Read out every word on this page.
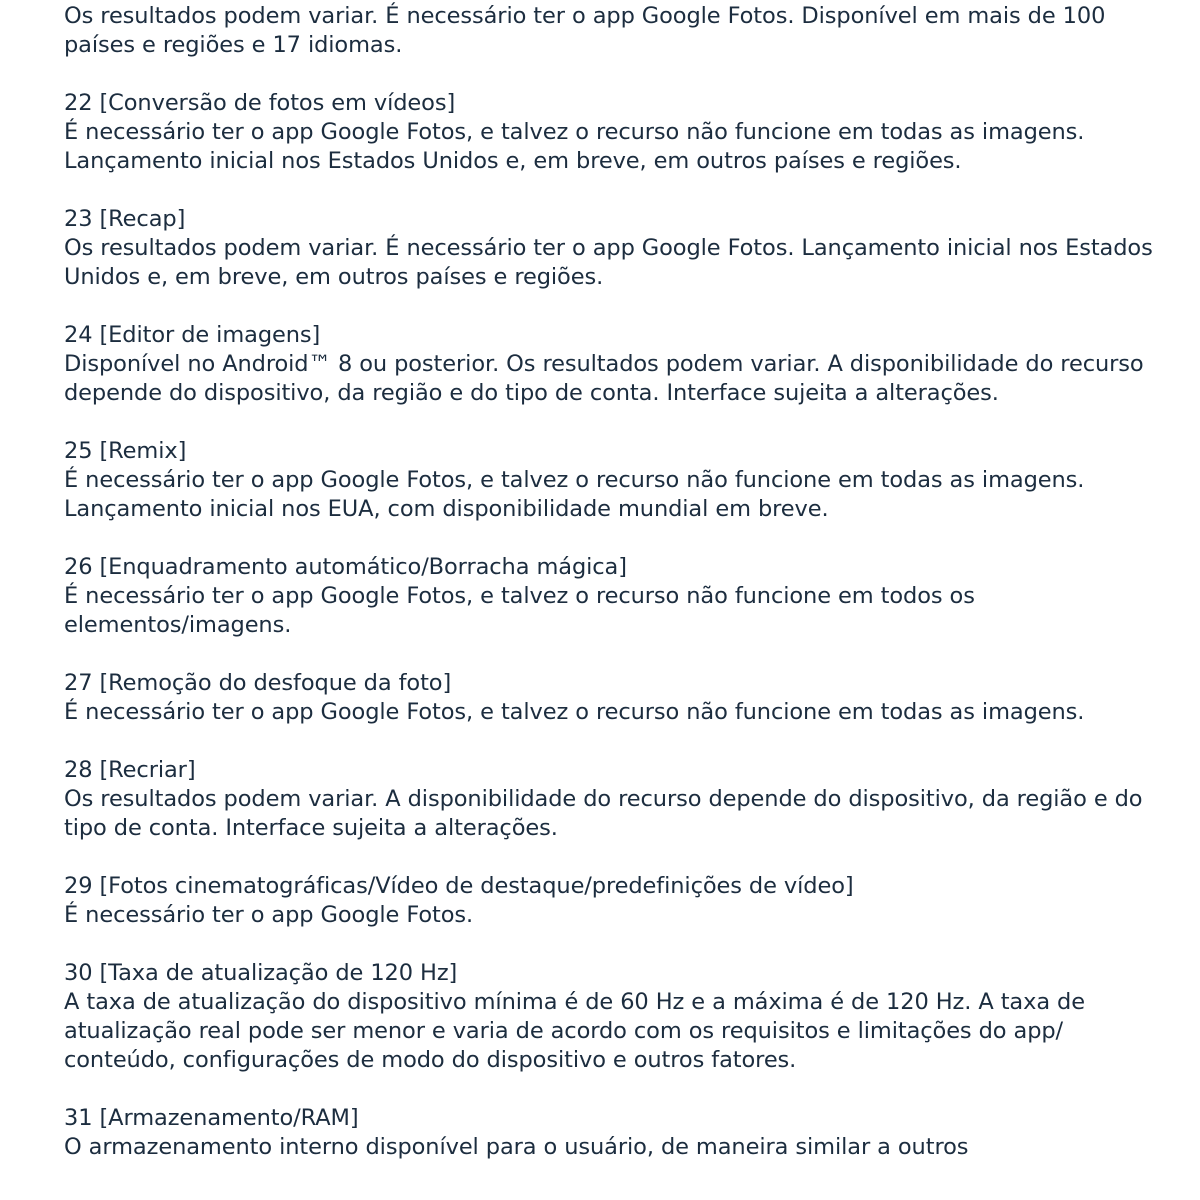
Os resultados podem variar. É necessário ter o app Google Fotos. Disponível em mais de 100 países e regiões e 17 idiomas.
22 [Conversão de fotos em vídeos]
É necessário ter o app Google Fotos, e talvez o recurso não funcione em todas as imagens. Lançamento inicial nos Estados Unidos e, em breve, em outros países e regiões.
23 [Recap]
Os resultados podem variar. É necessário ter o app Google Fotos. Lançamento inicial nos Estados Unidos e, em breve, em outros países e regiões.
24 [Editor de imagens]
Disponível no Android™ 8 ou posterior. Os resultados podem variar. A disponibilidade do recurso depende do dispositivo, da região e do tipo de conta. Interface sujeita a alterações.
25 [Remix]
É necessário ter o app Google Fotos, e talvez o recurso não funcione em todas as imagens. Lançamento inicial nos EUA, com disponibilidade mundial em breve.
26 [Enquadramento automático/Borracha mágica]
É necessário ter o app Google Fotos, e talvez o recurso não funcione em todos os elementos/imagens.
27 [Remoção do desfoque da foto]
É necessário ter o app Google Fotos, e talvez o recurso não funcione em todas as imagens.
28 [Recriar]
Os resultados podem variar. A disponibilidade do recurso depende do dispositivo, da região e do tipo de conta. Interface sujeita a alterações.
29 [Fotos cinematográficas/Vídeo de destaque/predefinições de vídeo]
É necessário ter o app Google Fotos.
30 [Taxa de atualização de 120 Hz]
A taxa de atualização do dispositivo mínima é de 60 Hz e a máxima é de 120 Hz. A taxa de atualização real pode ser menor e varia de acordo com os requisitos e limitações do app/ conteúdo, configurações de modo do dispositivo e outros fatores.
31 [Armazenamento/RAM]
O armazenamento interno disponível para o usuário, de maneira similar a outros
